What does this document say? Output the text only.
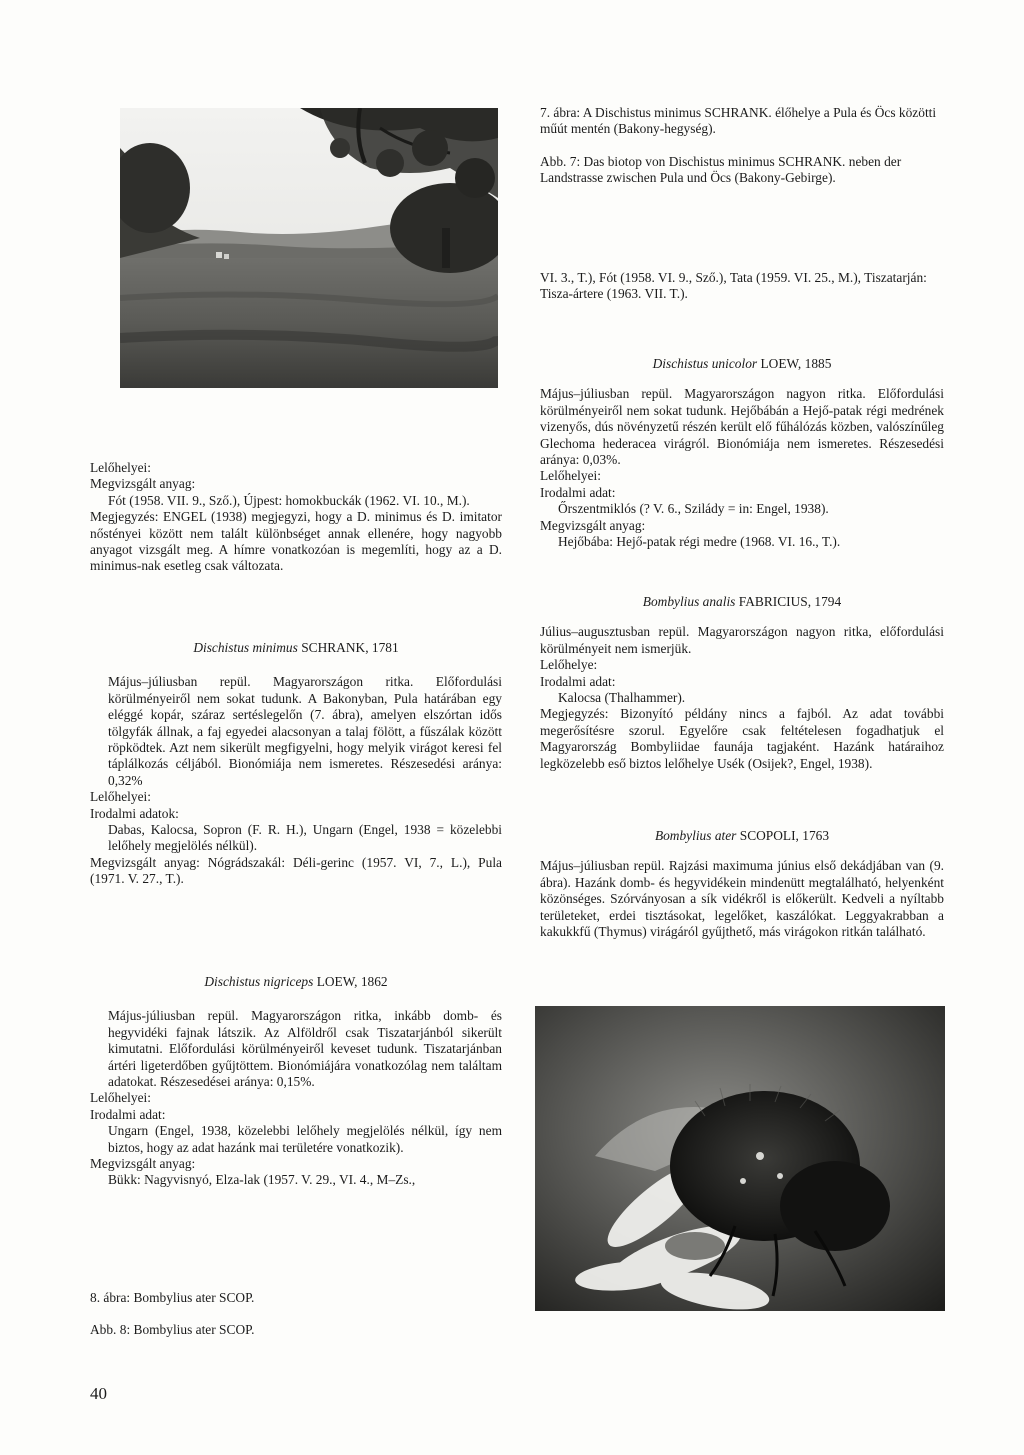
7. ábra: A Dischistus minimus SCHRANK. élőhelye a Pula és Öcs közötti műút mentén (Bakony-hegység).

Abb. 7: Das biotop von Dischistus minimus SCHRANK. neben der Landstrasse zwischen Pula und Öcs (Bakony-Gebirge).

VI. 3., T.), Fót (1958. VI. 9., Sző.), Tata (1959. VI. 25., M.), Tiszatarján: Tisza-ártere (1963. VII. T.).

Dischistus unicolor LOEW, 1885

Május–júliusban repül. Magyarországon nagyon ritka. Előfordulási körülményeiről nem sokat tudunk. Hejőbábán a Hejő-patak régi medrének vizenyős, dús növényzetű részén került elő fűhálózás közben, valószínűleg Glechoma hederacea virágról. Bionómiája nem ismeretes. Részesedési aránya: 0,03%.

Lelőhelyei:

Irodalmi adat:

Őrszentmiklós (? V. 6., Szilády = in: Engel, 1938).

Megvizsgált anyag:

Hejőbába: Hejő-patak régi medre (1968. VI. 16., T.).

Lelőhelyei:

Megvizsgált anyag:

Fót (1958. VII. 9., Sző.), Újpest: homokbuckák (1962. VI. 10., M.).

Megjegyzés: ENGEL (1938) megjegyzi, hogy a D. minimus és D. imitator nőstényei között nem talált különbséget annak ellenére, hogy nagyobb anyagot vizsgált meg. A hímre vonatkozóan is megemlíti, hogy az a D. minimus-nak esetleg csak változata.

Dischistus minimus SCHRANK, 1781

Május–júliusban repül. Magyarországon ritka. Előfordulási körülményeiről nem sokat tudunk. A Bakonyban, Pula határában egy eléggé kopár, száraz sertéslegelőn (7. ábra), amelyen elszórtan idős tölgyfák állnak, a faj egyedei alacsonyan a talaj fölött, a fűszálak között röpködtek. Azt nem sikerült megfigyelni, hogy melyik virágot keresi fel táplálkozás céljából. Bionómiája nem ismeretes. Részesedési aránya: 0,32%

Lelőhelyei:

Irodalmi adatok:

Dabas, Kalocsa, Sopron (F. R. H.), Ungarn (Engel, 1938 = közelebbi lelőhely megjelölés nélkül).

Megvizsgált anyag: Nógrádszakál: Déli-gerinc (1957. VI, 7., L.), Pula (1971. V. 27., T.).

Bombylius analis FABRICIUS, 1794

Július–augusztusban repül. Magyarországon nagyon ritka, előfordulási körülményeit nem ismerjük.

Lelőhelye:

Irodalmi adat:

Kalocsa (Thalhammer).

Megjegyzés: Bizonyító példány nincs a fajból. Az adat további megerősítésre szorul. Egyelőre csak feltételesen fogadhatjuk el Magyarország Bombyliidae faunája tagjaként. Hazánk határaihoz legközelebb eső biztos lelőhelye Usék (Osijek?, Engel, 1938).

Bombylius ater SCOPOLI, 1763

Május–júliusban repül. Rajzási maximuma június első dekádjában van (9. ábra). Hazánk domb- és hegyvidékein mindenütt megtalálható, helyenként közönséges. Szórványosan a sík vidékről is előkerült. Kedveli a nyíltabb területeket, erdei tisztásokat, legelőket, kaszálókat. Leggyakrabban a kakukkfű (Thymus) virágáról gyűjthető, más virágokon ritkán található.

Dischistus nigriceps LOEW, 1862

Május-júliusban repül. Magyarországon ritka, inkább domb- és hegyvidéki fajnak látszik. Az Alföldről csak Tiszatarjánból sikerült kimutatni. Előfordulási körülményeiről keveset tudunk. Tiszatarjánban ártéri ligeterdőben gyűjtöttem. Bionómiájára vonatkozólag nem találtam adatokat. Részesedései aránya: 0,15%.

Lelőhelyei:

Irodalmi adat:

Ungarn (Engel, 1938, közelebbi lelőhely megjelölés nélkül, így nem biztos, hogy az adat hazánk mai területére vonatkozik).

Megvizsgált anyag:

Bükk: Nagyvisnyó, Elza-lak (1957. V. 29., VI. 4., M–Zs.,

8. ábra: Bombylius ater SCOP.

Abb. 8: Bombylius ater SCOP.

40
